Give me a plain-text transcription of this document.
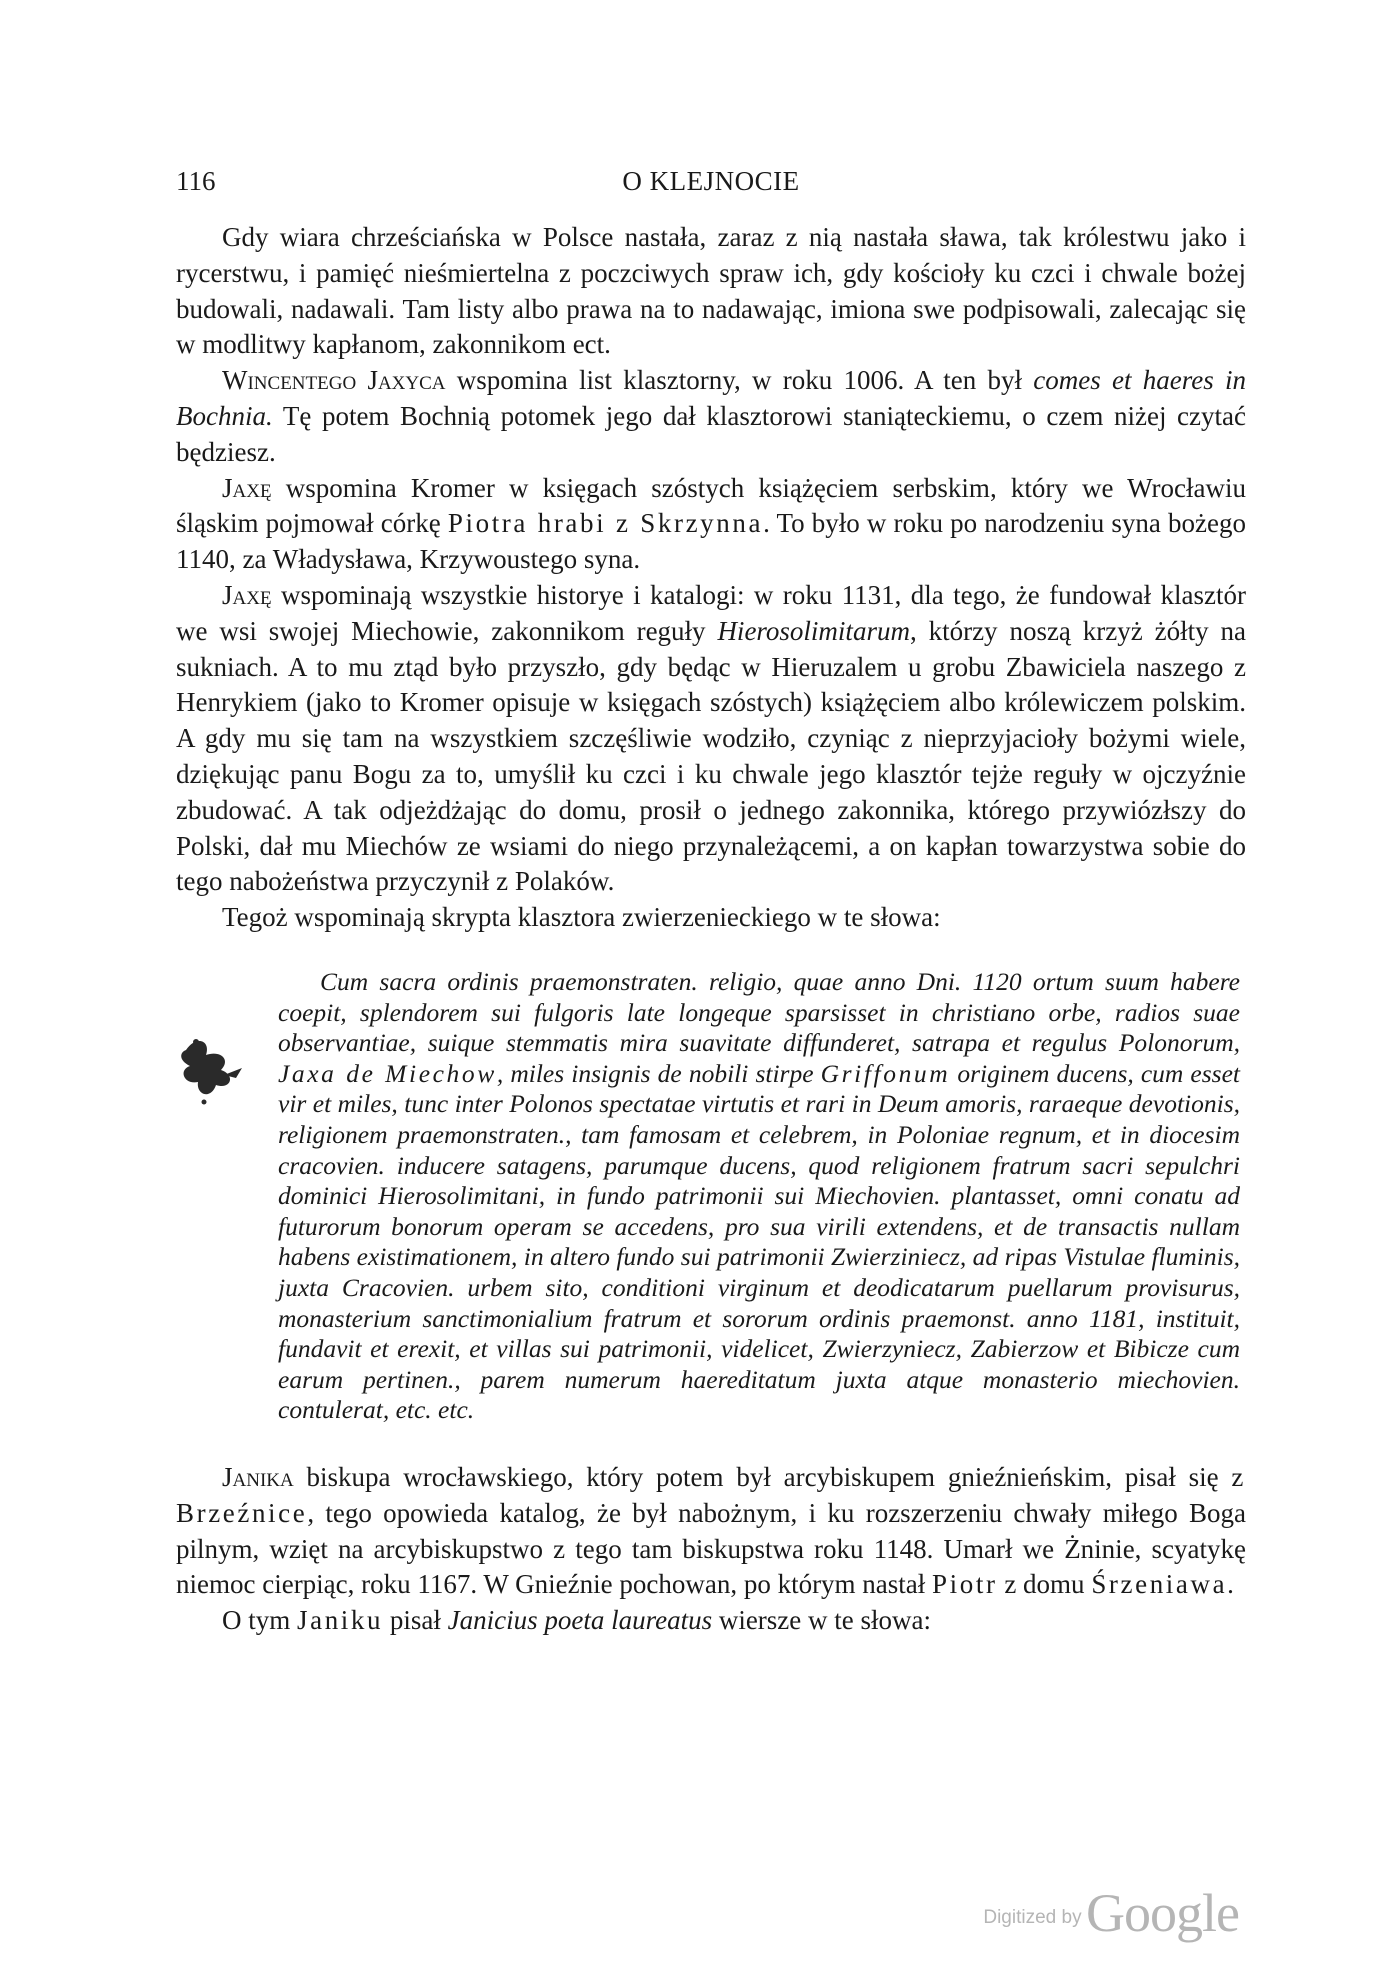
116	O KLEJNOCIE

Gdy wiara chrześciańska w Polsce nastała, zaraz z nią nastała sława, tak królestwu jako i rycerstwu, i pamięć nieśmiertelna z poczciwych spraw ich, gdy kościoły ku czci i chwale bożej budowali, nadawali. Tam listy albo prawa na to nadawając, imiona swe podpisowali, zalecając się w modlitwy kapłanom, zakonnikom ect.

Wincentego Jaxyca wspomina list klasztorny, w roku 1006. A ten był comes et haeres in Bochnia. Tę potem Bochnią potomek jego dał klasztorowi staniąteckiemu, o czem niżej czytać będziesz.

Jaxę wspomina Kromer w księgach szóstych książęciem serbskim, który we Wrocławiu śląskim pojmował córkę Piotra hrabi z Skrzynna. To było w roku po narodzeniu syna bożego 1140, za Władysława, Krzywoustego syna.

Jaxę wspominają wszystkie historye i katalogi: w roku 1131, dla tego, że fundował klasztór we wsi swojej Miechowie, zakonnikom reguły Hierosolimitarum, którzy noszą krzyż żółty na sukniach. A to mu ztąd było przyszło, gdy będąc w Hieruzalem u grobu Zbawiciela naszego z Henrykiem (jako to Kromer opisuje w księgach szóstych) książęciem albo królewiczem polskim. A gdy mu się tam na wszystkiem szczęśliwie wodziło, czyniąc z nieprzyjacioły bożymi wiele, dziękując panu Bogu za to, umyślił ku czci i ku chwale jego klasztór tejże reguły w ojczyźnie zbudować. A tak odjeżdżając do domu, prosił o jednego zakonnika, którego przywiózłszy do Polski, dał mu Miechów ze wsiami do niego przynależącemi, a on kapłan towarzystwa sobie do tego nabożeństwa przyczynił z Polaków.

Tegoż wspominają skrypta klasztora zwierzenieckiego w te słowa:

Cum sacra ordinis praemonstraten. religio, quae anno Dni. 1120 ortum suum habere coepit, splendorem sui fulgoris late longeque sparsisset in christiano orbe, radios suae observantiae, suique stemmatis mira suavitate diffunderet, satrapa et regulus Polonorum, Jaxa de Miechow, miles insignis de nobili stirpe Griffonum originem ducens, cum esset vir et miles, tunc inter Polonos spectatae virtutis et rari in Deum amoris, raraeque devotionis, religionem praemonstraten., tam famosam et celebrem, in Poloniae regnum, et in diocesim cracovien. inducere satagens, parumque ducens, quod religionem fratrum sacri sepulchri dominici Hierosolimitani, in fundo patrimonii sui Miechovien. plantasset, omni conatu ad futurorum bonorum operam se accedens, pro sua virili extendens, et de transactis nullam habens existimationem, in altero fundo sui patrimonii Zwierziniecz, ad ripas Vistulae fluminis, juxta Cracovien. urbem sito, conditioni virginum et deodicatarum puellarum provisurus, monasterium sanctimonialium fratrum et sororum ordinis praemonst. anno 1181, instituit, fundavit et erexit, et villas sui patrimonii, videlicet, Zwierzyniecz, Zabierzow et Bibicze cum earum pertinen., parem numerum haereditatum juxta atque monasterio miechovien. contulerat, etc. etc.

Janika biskupa wrocławskiego, który potem był arcybiskupem gnieźnieńskim, pisał się z Brzeźnice, tego opowieda katalog, że był nabożnym, i ku rozszerzeniu chwały miłego Boga pilnym, wzięt na arcybiskupstwo z tego tam biskupstwa roku 1148. Umarł we Żninie, scyatykę niemoc cierpiąc, roku 1167. W Gnieźnie pochowan, po którym nastał Piotr z domu Śrzeniawa.

O tym Janiku pisał Janicius poeta laureatus wiersze w te słowa:

Digitized by Google
